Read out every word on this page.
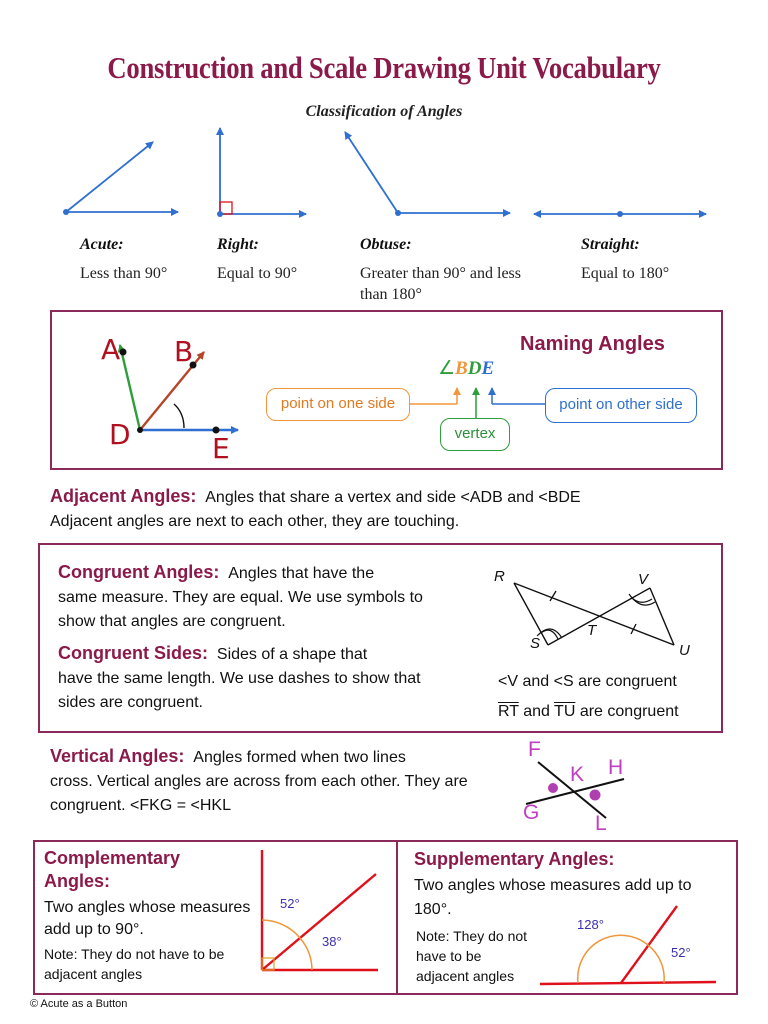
Construction and Scale Drawing Unit Vocabulary
Classification of Angles
Acute:
Less than 90°
Right:
Equal to 90°
Obtuse:
Greater than 90° and less than 180°
Straight:
Equal to 180°
Naming Angles
A B
D	E
∠BDE
point on one side
vertex
point on other side
Adjacent Angles: Angles that share a vertex and side <ADB and <BDE
Adjacent angles are next to each other, they are touching.
Congruent Angles: Angles that have the
same measure. They are equal. We use symbols to show that angles are congruent.
Congruent Sides: Sides of a shape that
have the same length. We use dashes to show that sides are congruent.
R	V
S
T
U
<V and <S are congruent
$\overline{RT}$ and $\overline{TU}$ are congruent
Vertical Angles: Angles formed when two lines
cross. Vertical angles are across from each other. They are congruent. <FKG = <HKL
F
K H
G	L
Complementary Angles:
Two angles whose measures add up to 90°.
Note: They do not have to be adjacent angles
52°
38°
Supplementary Angles:
Two angles whose measures add up to 180°.
Note: They do not have to be adjacent angles
128°
52°
© Acute as a Button
